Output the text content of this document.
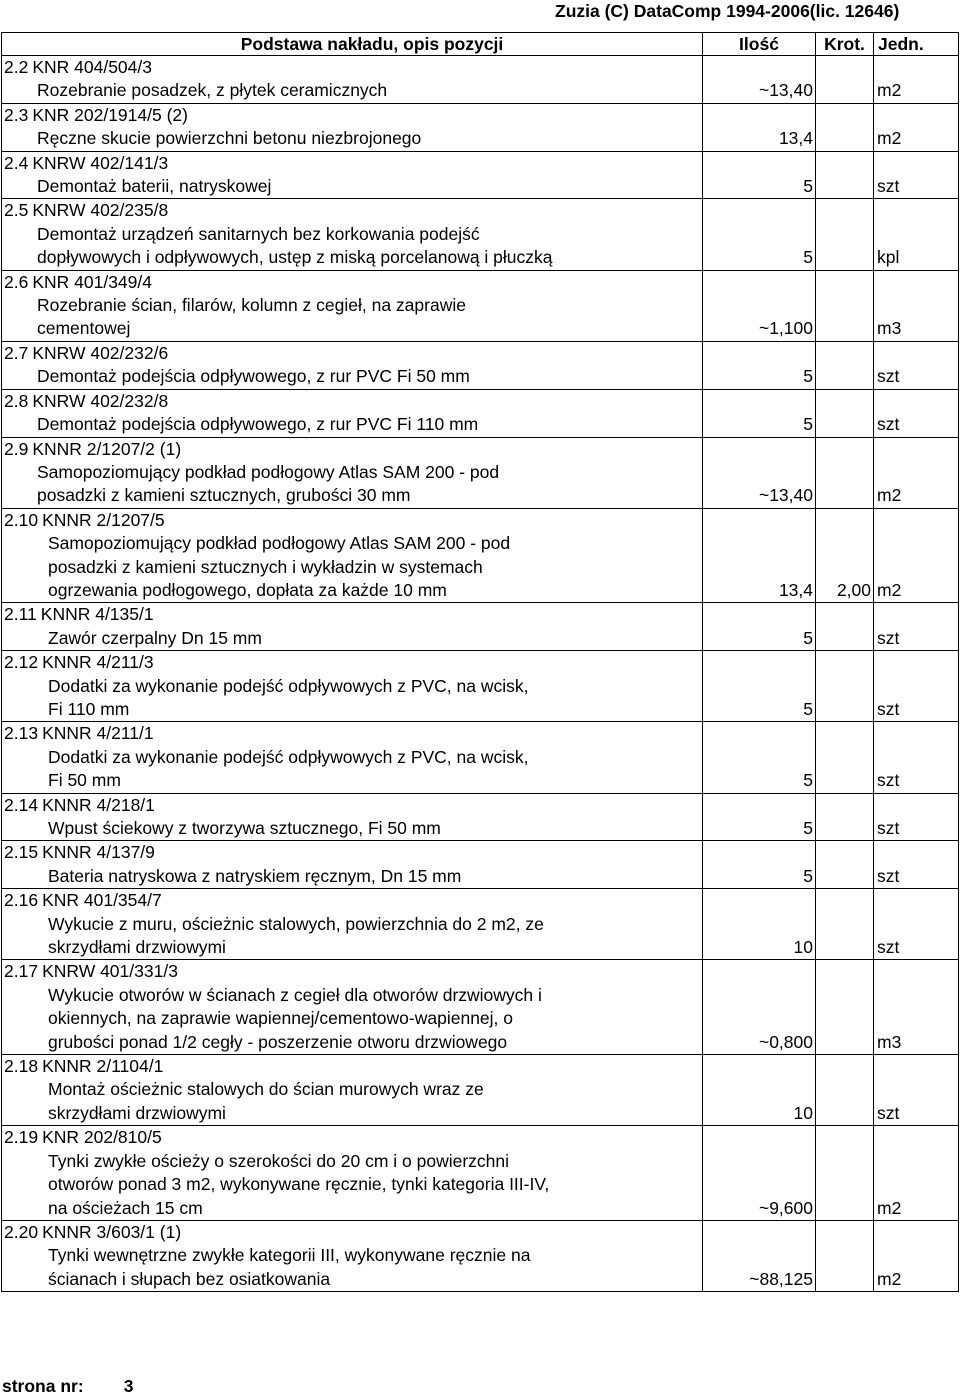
Zuzia (C) DataComp 1994-2006(lic. 12646)
Podstawa nakładu, opis pozycji	Ilość	Krot.	Jedn.

2.2 KNR 404/504/3
Rozebranie posadzek, z płytek ceramicznych	~13,40		m2

2.3 KNR 202/1914/5 (2)
Ręczne skucie powierzchni betonu niezbrojonego	13,4		m2

2.4 KNRW 402/141/3
Demontaż baterii, natryskowej	5		szt

2.5 KNRW 402/235/8
Demontaż urządzeń sanitarnych bez korkowania podejść
dopływowych i odpływowych, ustęp z miską porcelanową i płuczką	5		kpl

2.6 KNR 401/349/4
Rozebranie ścian, filarów, kolumn z cegieł, na zaprawie
cementowej	~1,100		m3

2.7 KNRW 402/232/6
Demontaż podejścia odpływowego, z rur PVC Fi 50 mm	5		szt

2.8 KNRW 402/232/8
Demontaż podejścia odpływowego, z rur PVC Fi 110 mm	5		szt

2.9 KNNR 2/1207/2 (1)
Samopoziomujący podkład podłogowy Atlas SAM 200 - pod
posadzki z kamieni sztucznych, grubości 30 mm	~13,40		m2

2.10 KNNR 2/1207/5
Samopoziomujący podkład podłogowy Atlas SAM 200 - pod
posadzki z kamieni sztucznych i wykładzin w systemach
ogrzewania podłogowego, dopłata za każde 10 mm	13,4	2,00	m2

2.11 KNNR 4/135/1
Zawór czerpalny Dn 15 mm	5		szt

2.12 KNNR 4/211/3
Dodatki za wykonanie podejść odpływowych z PVC, na wcisk,
Fi 110 mm	5		szt

2.13 KNNR 4/211/1
Dodatki za wykonanie podejść odpływowych z PVC, na wcisk,
Fi 50 mm	5		szt

2.14 KNNR 4/218/1
Wpust ściekowy z tworzywa sztucznego, Fi 50 mm	5		szt

2.15 KNNR 4/137/9
Bateria natryskowa z natryskiem ręcznym, Dn 15 mm	5		szt

2.16 KNR 401/354/7
Wykucie z muru, ościeżnic stalowych, powierzchnia do 2 m2, ze
skrzydłami drzwiowymi	10		szt

2.17 KNRW 401/331/3
Wykucie otworów w ścianach z cegieł dla otworów drzwiowych i
okiennych, na zaprawie wapiennej/cementowo-wapiennej, o
grubości ponad 1/2 cegły - poszerzenie otworu drzwiowego	~0,800		m3

2.18 KNNR 2/1104/1
Montaż ościeżnic stalowych do ścian murowych wraz ze
skrzydłami drzwiowymi	10		szt

2.19 KNR 202/810/5
Tynki zwykłe ościeży o szerokości do 20 cm i o powierzchni
otworów ponad 3 m2, wykonywane ręcznie, tynki kategoria III-IV,
na ościeżach 15 cm	~9,600		m2

2.20 KNNR 3/603/1 (1)
Tynki wewnętrzne zwykłe kategorii III, wykonywane ręcznie na
ścianach i słupach bez osiatkowania	~88,125		m2
strona nr: 3
